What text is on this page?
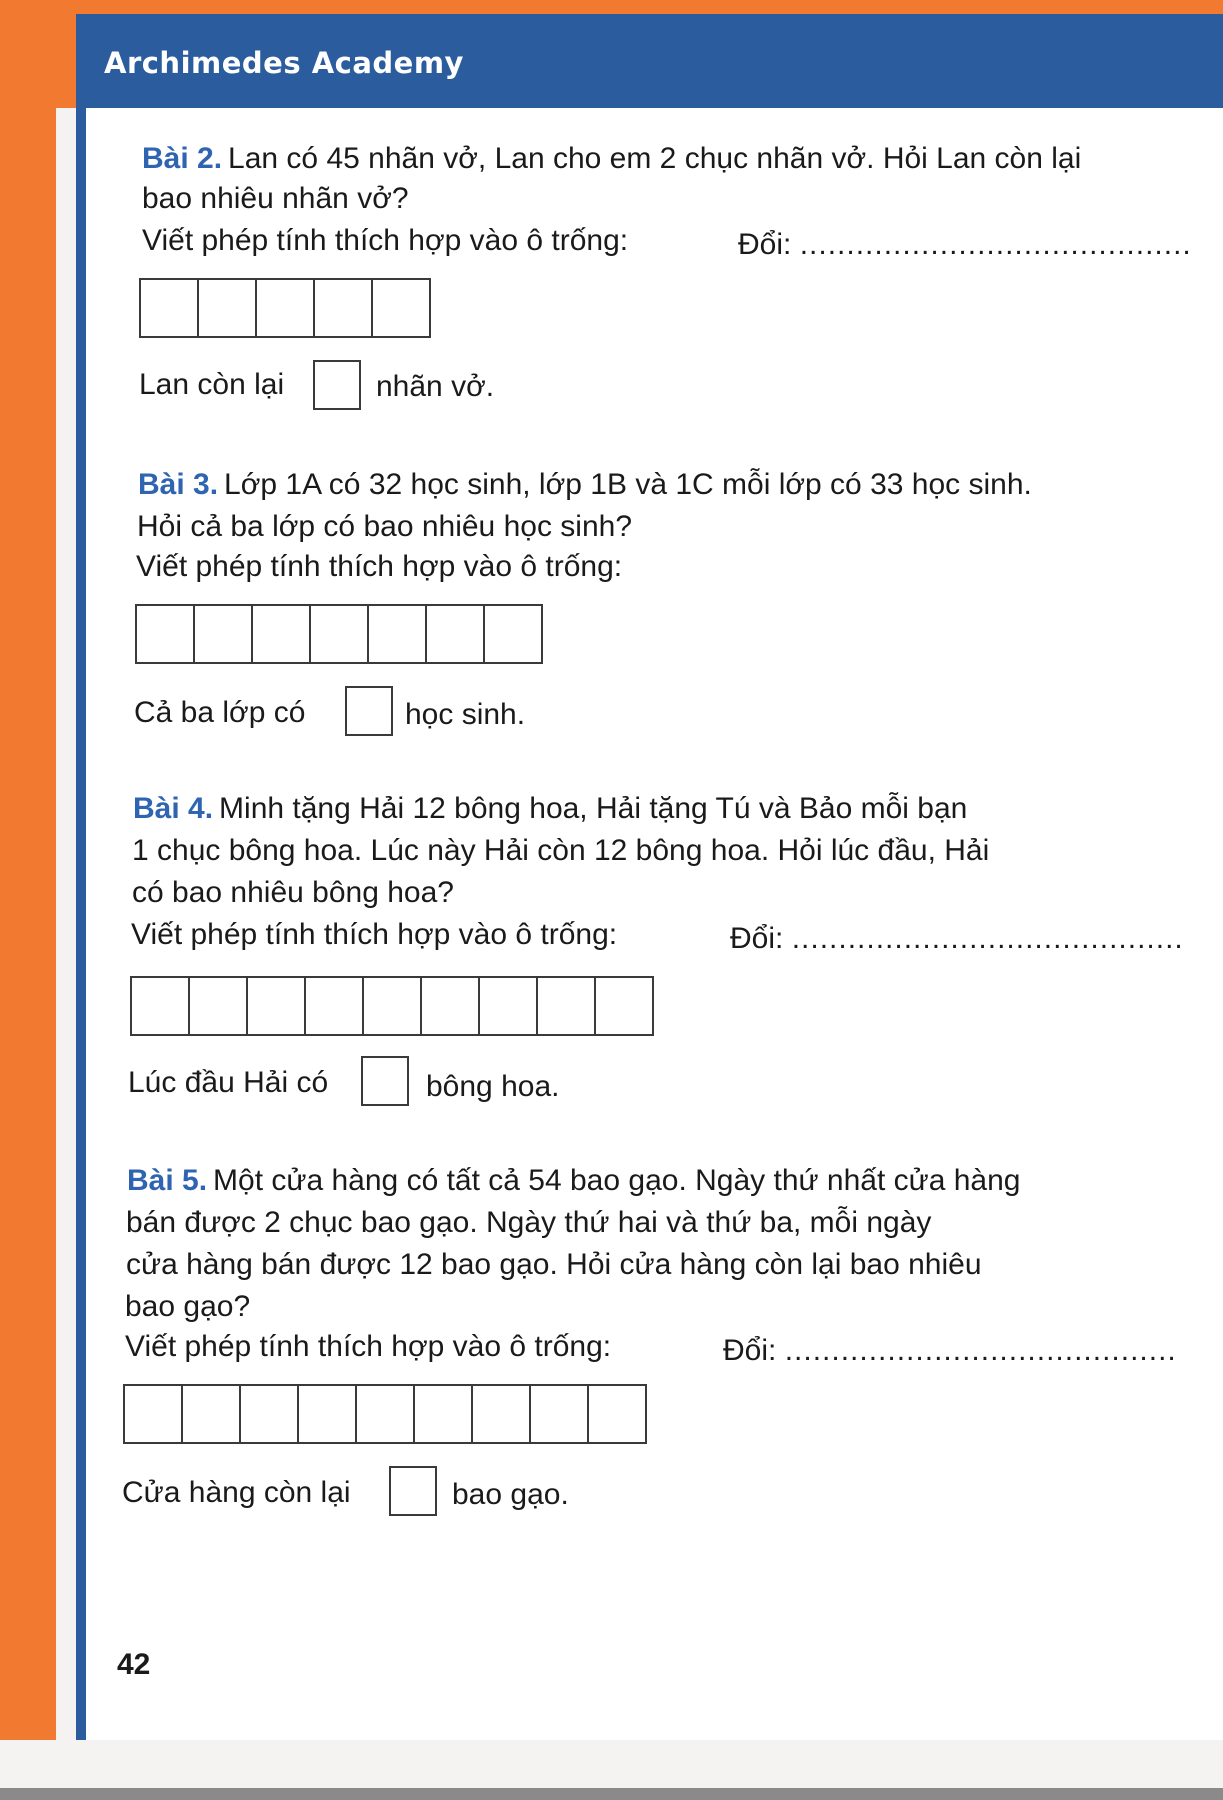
Archimedes Academy
Bài 2. Lan có 45 nhãn vở, Lan cho em 2 chục nhãn vở. Hỏi Lan còn lại
bao nhiêu nhãn vở?
Viết phép tính thích hợp vào ô trống:	Đổi: ..........................................
Lan còn lại	nhãn vở.
Bài 3. Lớp 1A có 32 học sinh, lớp 1B và 1C mỗi lớp có 33 học sinh.
Hỏi cả ba lớp có bao nhiêu học sinh?
Viết phép tính thích hợp vào ô trống:
Cả ba lớp có	học sinh.
Bài 4. Minh tặng Hải 12 bông hoa, Hải tặng Tú và Bảo mỗi bạn
1 chục bông hoa. Lúc này Hải còn 12 bông hoa. Hỏi lúc đầu, Hải
có bao nhiêu bông hoa?
Viết phép tính thích hợp vào ô trống:	Đổi: ..........................................
Lúc đầu Hải có	bông hoa.
Bài 5. Một cửa hàng có tất cả 54 bao gạo. Ngày thứ nhất cửa hàng
bán được 2 chục bao gạo. Ngày thứ hai và thứ ba, mỗi ngày
cửa hàng bán được 12 bao gạo. Hỏi cửa hàng còn lại bao nhiêu
bao gạo?
Viết phép tính thích hợp vào ô trống:	Đổi: ..........................................
Cửa hàng còn lại	bao gạo.
42
